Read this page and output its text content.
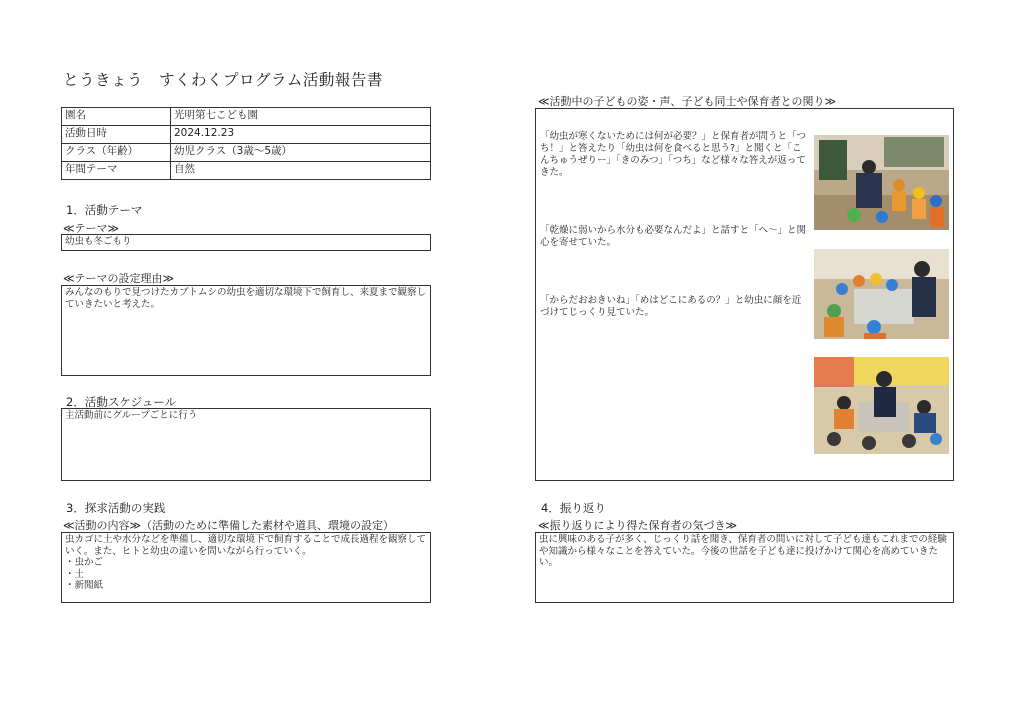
とうきょう　すくわくプログラム活動報告書
園名	光明第七こども園
活動日時	2024.12.23
クラス（年齢）	幼児クラス（3歳～5歳）
年間テーマ	自然
1．活動テーマ
≪テーマ≫
幼虫も冬ごもり
≪テーマの設定理由≫
みんなのもりで見つけたカブトムシの幼虫を適切な環境下で飼育し、来夏まで観察していきたいと考えた。
2．活動スケジュール
主活動前にグループごとに行う
3．探求活動の実践
≪活動の内容≫（活動のために準備した素材や道具、環境の設定）
虫カゴに土や水分などを準備し、適切な環境下で飼育することで成長過程を観察していく。また、ヒトと幼虫の違いを問いながら行っていく。
・ 虫かご
・ 土
・ 新聞紙
≪活動中の子どもの姿・声、子ども同士や保育者との関り≫
「幼虫が寒くないためには何が必要？」と保育者が問うと「つち！」と答えたり「幼虫は何を食べると思う?」と聞くと「こんちゅうぜりー」「きのみつ」「つち」など様々な答えが返ってきた。
「乾燥に弱いから水分も必要なんだよ」と話すと「へ～」と関心を寄せていた。
「からだおおきいね」「めはどこにあるの？」と幼虫に顔を近づけてじっくり見ていた。
4．振り返り
≪振り返りにより得た保育者の気づき≫
虫に興味のある子が多く、じっくり話を聞き、保育者の問いに対して子ども達もこれまでの経験や知識から様々なことを答えていた。今後の世話を子ども達に投げかけて関心を高めていきたい。
